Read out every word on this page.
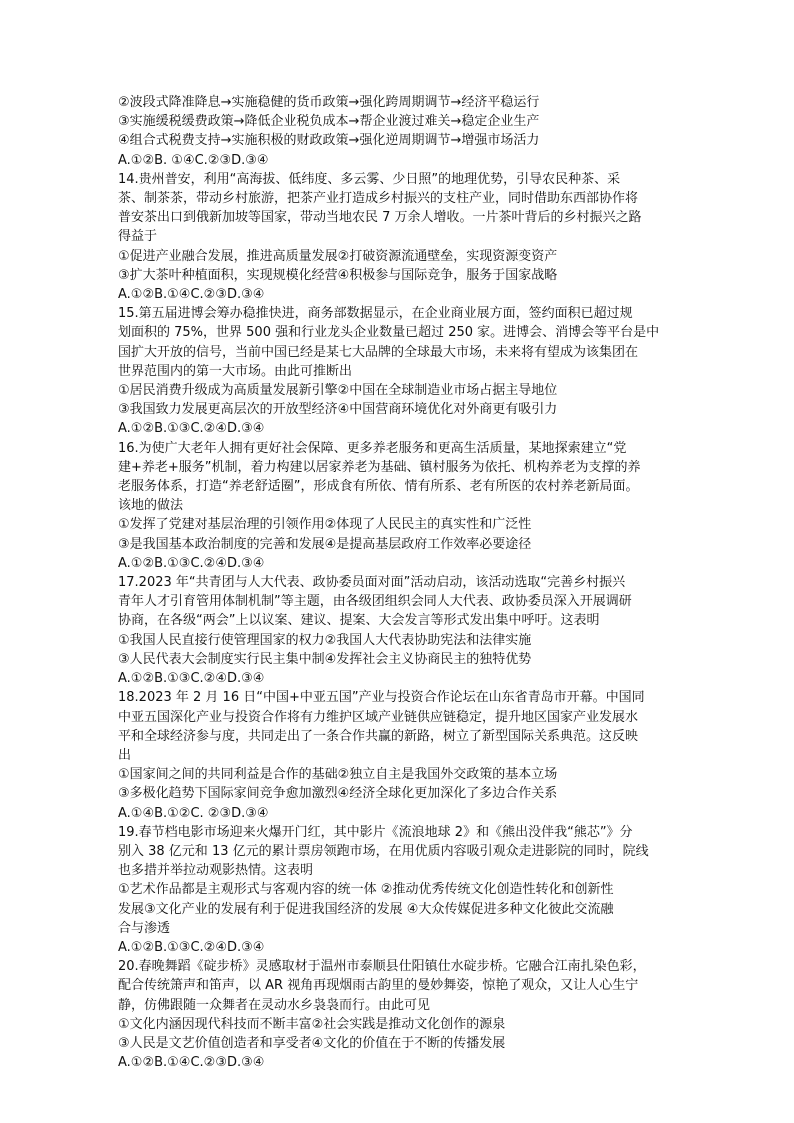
②波段式降准降息→实施稳健的货币政策→强化跨周期调节→经济平稳运行
③实施缓税缓费政策→降低企业税负成本→帮企业渡过难关→稳定企业生产
④组合式税费支持→实施积极的财政政策→强化逆周期调节→增强市场活力
A.①②B. ①④C.②③D.③④
14.贵州普安，利用“高海拔、低纬度、多云雾、少日照”的地理优势，引导农民种茶、采
茶、制茶茶，带动乡村旅游，把茶产业打造成乡村振兴的支柱产业，同时借助东西部协作将
普安茶出口到俄新加坡等国家，带动当地农民 7 万余人增收。一片茶叶背后的乡村振兴之路
得益于
①促进产业融合发展，推进高质量发展②打破资源流通壁垒，实现资源变资产
③扩大茶叶种植面积，实现规模化经营④积极参与国际竞争，服务于国家战略
A.①②B.①④C.②③D.③④
15.第五届进博会筹办稳推快进，商务部数据显示，在企业商业展方面，签约面积已超过规
划面积的 75%，世界 500 强和行业龙头企业数量已超过 250 家。进博会、消博会等平台是中
国扩大开放的信号，当前中国已经是某七大品牌的全球最大市场，未来将有望成为该集团在
世界范围内的第一大市场。由此可推断出
①居民消费升级成为高质量发展新引擎②中国在全球制造业市场占据主导地位
③我国致力发展更高层次的开放型经济④中国营商环境优化对外商更有吸引力
A.①②B.①③C.②④D.③④
16.为使广大老年人拥有更好社会保障、更多养老服务和更高生活质量，某地探索建立“党
建+养老+服务”机制，着力构建以居家养老为基础、镇村服务为依托、机构养老为支撑的养
老服务体系，打造“养老舒适圈”，形成食有所依、情有所系、老有所医的农村养老新局面。
该地的做法
①发挥了党建对基层治理的引领作用②体现了人民民主的真实性和广泛性
③是我国基本政治制度的完善和发展④是提高基层政府工作效率必要途径
A.①②B.①③C.②④D.③④
17.2023 年“共青团与人大代表、政协委员面对面”活动启动，该活动选取“完善乡村振兴
青年人才引育管用体制机制”等主题，由各级团组织会同人大代表、政协委员深入开展调研
协商，在各级“两会”上以议案、建议、提案、大会发言等形式发出集中呼吁。这表明
①我国人民直接行使管理国家的权力②我国人大代表协助宪法和法律实施
③人民代表大会制度实行民主集中制④发挥社会主义协商民主的独特优势
A.①②B.①③C.②④D.③④
18.2023 年 2 月 16 日“中国+中亚五国”产业与投资合作论坛在山东省青岛市开幕。中国同
中亚五国深化产业与投资合作将有力维护区域产业链供应链稳定，提升地区国家产业发展水
平和全球经济参与度，共同走出了一条合作共赢的新路，树立了新型国际关系典范。这反映
出
①国家间之间的共同利益是合作的基础②独立自主是我国外交政策的基本立场
③多极化趋势下国际家间竞争愈加激烈④经济全球化更加深化了多边合作关系
A.①④B.①②C. ②③D.③④
19.春节档电影市场迎来火爆开门红，其中影片《流浪地球 2》和《熊出没伴我“熊芯”》分
别入 38 亿元和 13 亿元的累计票房领跑市场，在用优质内容吸引观众走进影院的同时，院线
也多措并举拉动观影热情。这表明
①艺术作品都是主观形式与客观内容的统一体 ②推动优秀传统文化创造性转化和创新性
发展③文化产业的发展有利于促进我国经济的发展 ④大众传媒促进多种文化彼此交流融
合与渗透
A.①②B.①③C.②④D.③④
20.春晚舞蹈《碇步桥》灵感取材于温州市泰顺县仕阳镇仕水碇步桥。它融合江南扎染色彩，
配合传统箫声和笛声，以 AR 视角再现烟雨古韵里的曼妙舞姿，惊艳了观众，又让人心生宁
静，仿佛跟随一众舞者在灵动水乡袅袅而行。由此可见
①文化内涵因现代科技而不断丰富②社会实践是推动文化创作的源泉
③人民是文艺价值创造者和享受者④文化的价值在于不断的传播发展
A.①②B.①④C.②③D.③④
